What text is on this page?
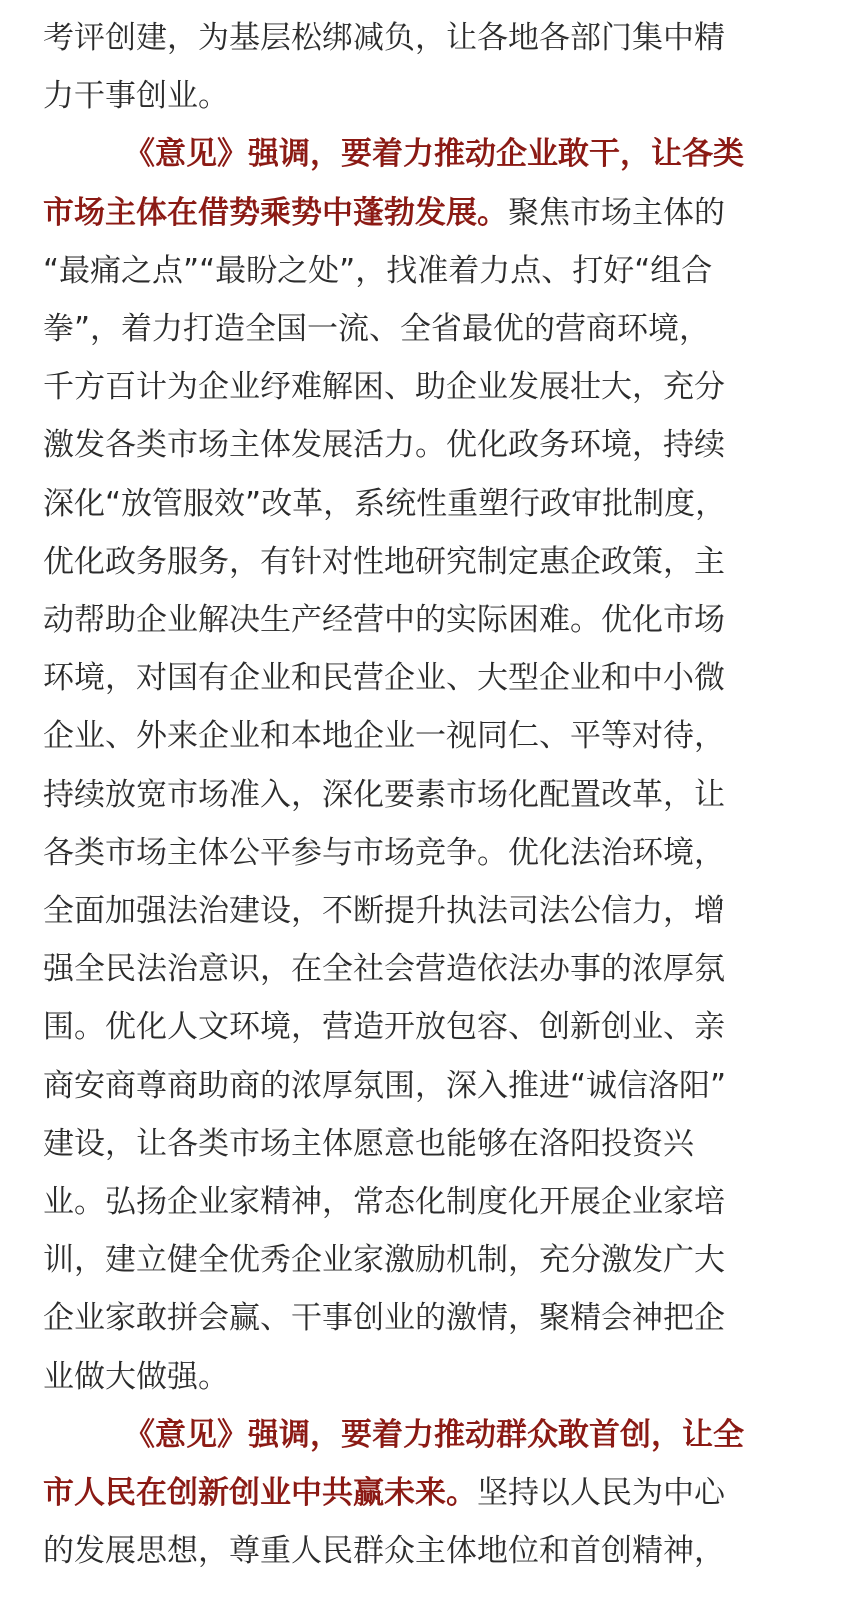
考评创建，为基层松绑减负，让各地各部门集中精
力干事创业。
《意见》强调，要着力推动企业敢干，让各类
市场主体在借势乘势中蓬勃发展。聚焦市场主体的
“最痛之点”“最盼之处”，找准着力点、打好“组合
拳”，着力打造全国一流、全省最优的营商环境，
千方百计为企业纾难解困、助企业发展壮大，充分
激发各类市场主体发展活力。优化政务环境，持续
深化“放管服效”改革，系统性重塑行政审批制度，
优化政务服务，有针对性地研究制定惠企政策，主
动帮助企业解决生产经营中的实际困难。优化市场
环境，对国有企业和民营企业、大型企业和中小微
企业、外来企业和本地企业一视同仁、平等对待，
持续放宽市场准入，深化要素市场化配置改革，让
各类市场主体公平参与市场竞争。优化法治环境，
全面加强法治建设，不断提升执法司法公信力，增
强全民法治意识，在全社会营造依法办事的浓厚氛
围。优化人文环境，营造开放包容、创新创业、亲
商安商尊商助商的浓厚氛围，深入推进“诚信洛阳”
建设，让各类市场主体愿意也能够在洛阳投资兴
业。弘扬企业家精神，常态化制度化开展企业家培
训，建立健全优秀企业家激励机制，充分激发广大
企业家敢拼会赢、干事创业的激情，聚精会神把企
业做大做强。
《意见》强调，要着力推动群众敢首创，让全
市人民在创新创业中共赢未来。坚持以人民为中心
的发展思想，尊重人民群众主体地位和首创精神，
